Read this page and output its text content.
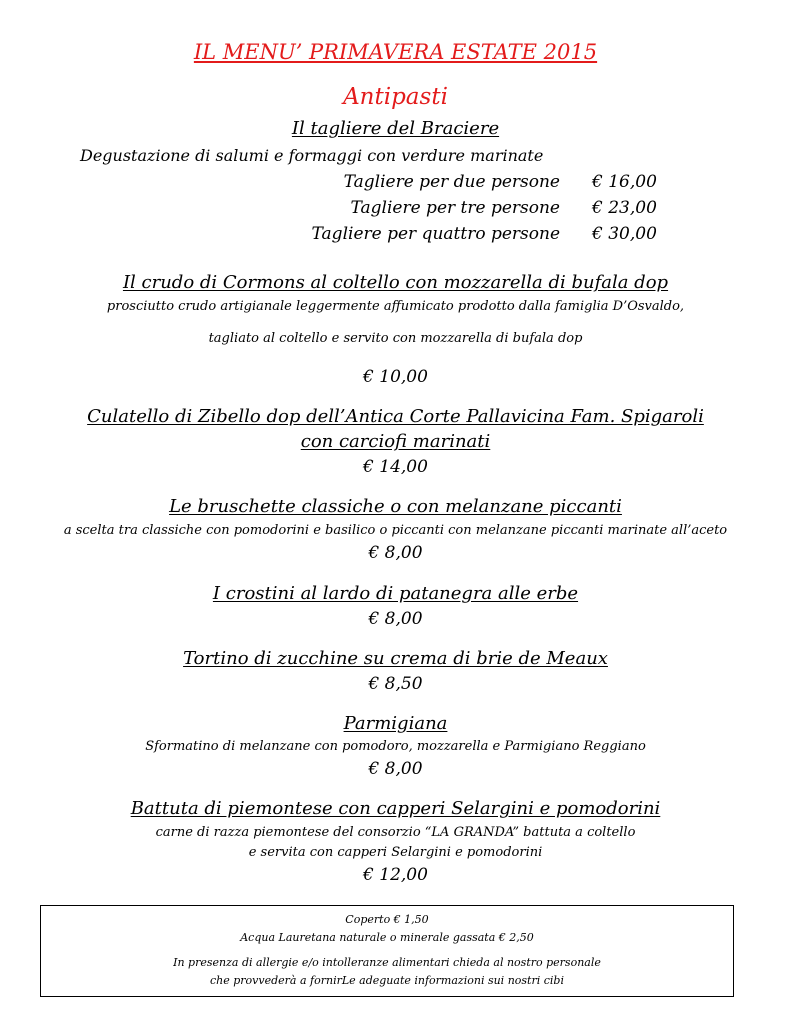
IL MENU’ PRIMAVERA ESTATE 2015
Antipasti
Il tagliere del Braciere
Degustazione di salumi e formaggi con verdure marinate
Tagliere per due persone € 16,00
Tagliere per tre persone € 23,00
Tagliere per quattro persone € 30,00
Il crudo di Cormons al coltello con mozzarella di bufala dop
prosciutto crudo artigianale leggermente affumicato prodotto dalla famiglia D’Osvaldo,
tagliato al coltello e servito con mozzarella di bufala dop
€ 10,00
Culatello di Zibello dop dell’Antica Corte Pallavicina Fam. Spigaroli
con carciofi marinati
€ 14,00
Le bruschette classiche o con melanzane piccanti
a scelta tra classiche con pomodorini e basilico o piccanti con melanzane piccanti marinate all’aceto
€ 8,00
I crostini al lardo di patanegra alle erbe
€ 8,00
Tortino di zucchine su crema di brie de Meaux
€ 8,50
Parmigiana
Sformatino di melanzane con pomodoro, mozzarella e Parmigiano Reggiano
€ 8,00
Battuta di piemontese con capperi Selargini e pomodorini
carne di razza piemontese del consorzio “LA GRANDA” battuta a coltello
e servita con capperi Selargini e pomodorini
€ 12,00
Coperto € 1,50
Acqua Lauretana naturale o minerale gassata € 2,50
In presenza di allergie e/o intolleranze alimentari chieda al nostro personale
che provvederà a fornirLe adeguate informazioni sui nostri cibi
